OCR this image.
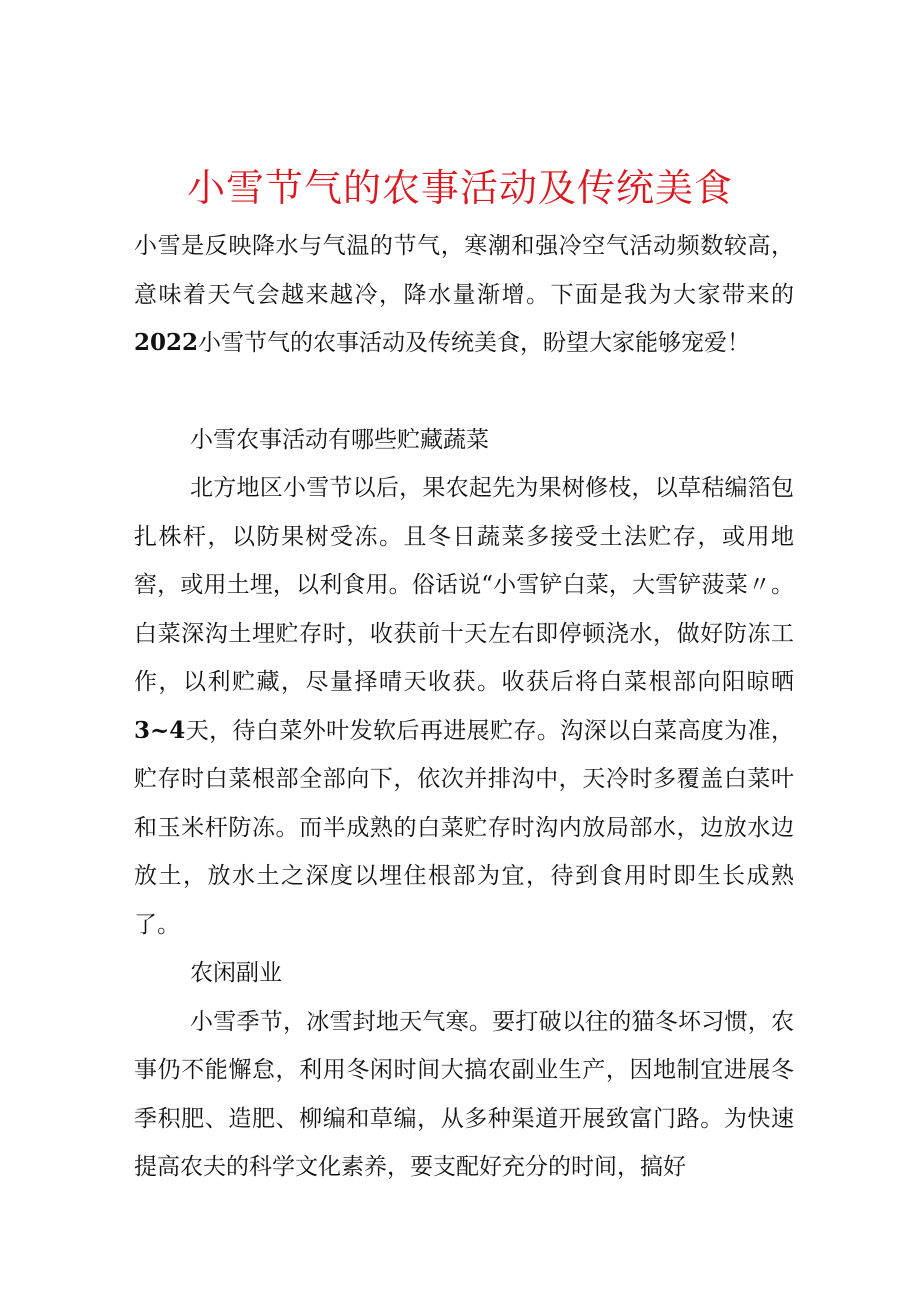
小雪节气的农事活动及传统美食

小雪是反映降水与气温的节气，寒潮和强冷空气活动频数较高，意味着天气会越来越冷，降水量渐增。下面是我为大家带来的2022小雪节气的农事活动及传统美食，盼望大家能够宠爱！

小雪农事活动有哪些贮藏蔬菜

北方地区小雪节以后，果农起先为果树修枝，以草秸编箔包扎株杆，以防果树受冻。且冬日蔬菜多接受土法贮存，或用地窖，或用土埋，以利食用。俗话说“小雪铲白菜，大雪铲菠菜〃。白菜深沟土埋贮存时，收获前十天左右即停顿浇水，做好防冻工作，以利贮藏，尽量择晴天收获。收获后将白菜根部向阳晾晒3~4天，待白菜外叶发软后再进展贮存。沟深以白菜高度为准，贮存时白菜根部全部向下，依次并排沟中，天冷时多覆盖白菜叶和玉米杆防冻。而半成熟的白菜贮存时沟内放局部水，边放水边放土，放水土之深度以埋住根部为宜，待到食用时即生长成熟了。

农闲副业

小雪季节，冰雪封地天气寒。要打破以往的猫冬坏习惯，农事仍不能懈怠，利用冬闲时间大搞农副业生产，因地制宜进展冬季积肥、造肥、柳编和草编，从多种渠道开展致富门路。为快速提高农夫的科学文化素养，要支配好充分的时间，搞好
